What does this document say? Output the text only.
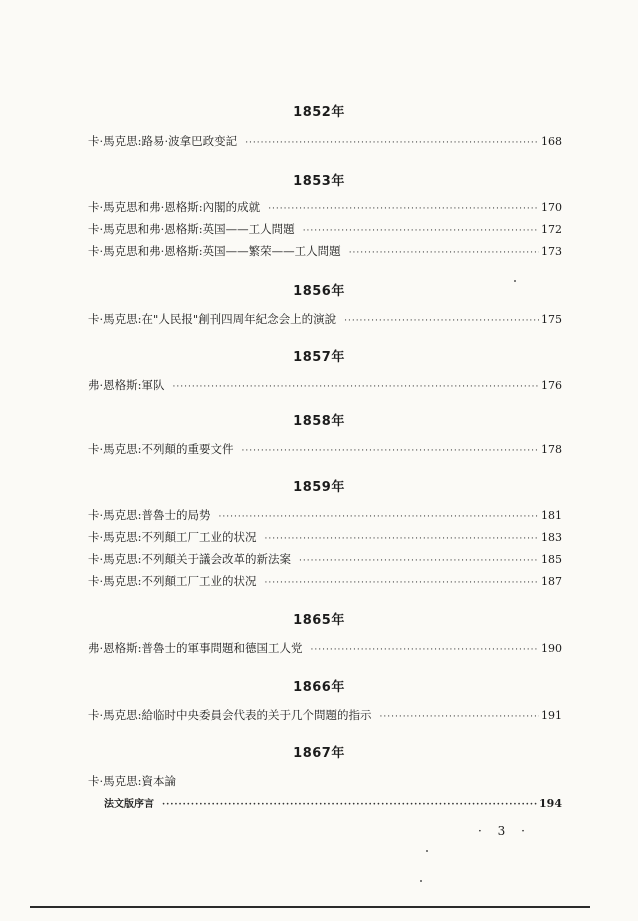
1852年
卡·馬克思:路易·波拿巴政变記 ·····	168
1853年
卡·馬克思和弗·恩格斯:內閣的成就 ·····	170
卡·馬克思和弗·恩格斯:英国——工人問題 ·····	172
卡·馬克思和弗·恩格斯:英国——繁荣——工人問題 ·····	173
1856年
卡·馬克思:在"人民报"創刊四周年紀念会上的演說 ·····	175
1857年
弗·恩格斯:軍队 ·····	176
1858年
卡·馬克思:不列顛的重要文件 ·····	178
1859年
卡·馬克思:普魯士的局势 ·····	181
卡·馬克思:不列顛工厂工业的状况 ·····	183
卡·馬克思:不列顛关于議会改革的新法案 ·····	185
卡·馬克思:不列顛工厂工业的状况 ·····	187
1865年
弗·恩格斯:普魯士的軍事問題和德国工人党 ·····	190
1866年
卡·馬克思:給临时中央委員会代表的关于几个問題的指示 ·····	191
1867年
卡·馬克思:資本論
法文版序言 ·····	194
· 3 ·
